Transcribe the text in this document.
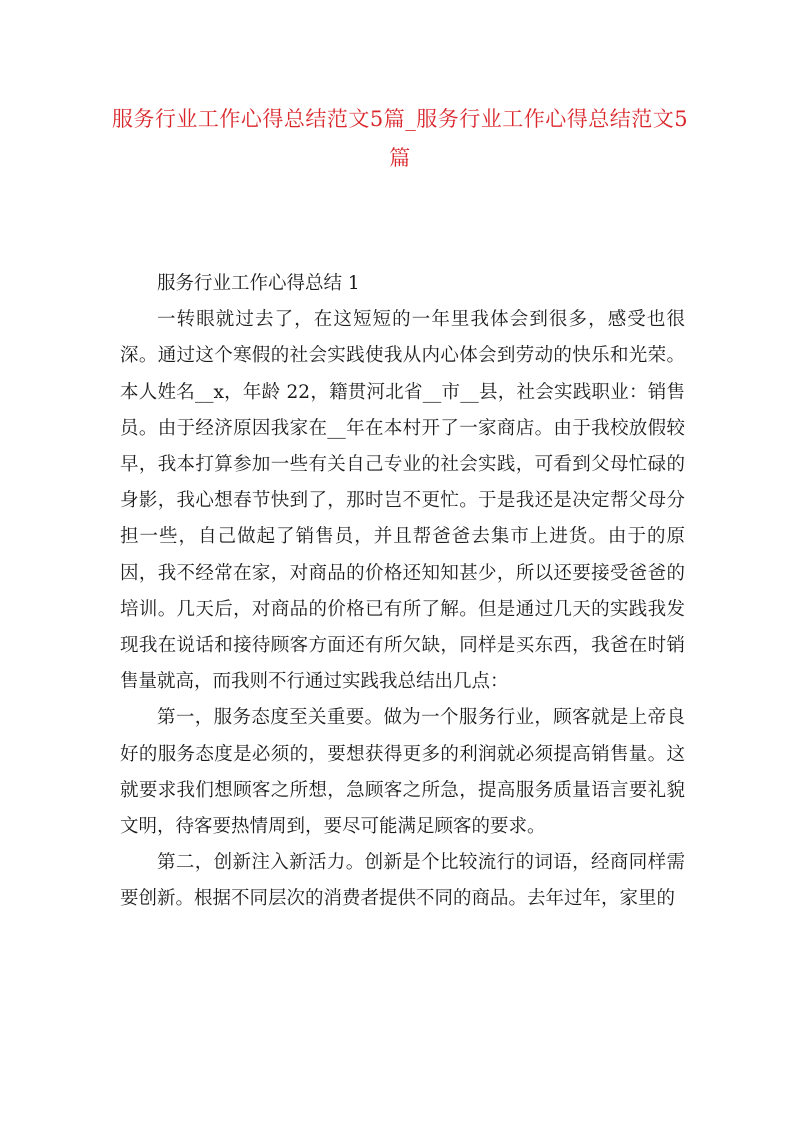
服务行业工作心得总结范文5篇_服务行业工作心得总结范文5篇

服务行业工作心得总结 1

一转眼就过去了，在这短短的一年里我体会到很多，感受也很深。通过这个寒假的社会实践使我从内心体会到劳动的快乐和光荣。本人姓名__x，年龄 22，籍贯河北省__市__县，社会实践职业：销售员。由于经济原因我家在__年在本村开了一家商店。由于我校放假较早，我本打算参加一些有关自己专业的社会实践，可看到父母忙碌的身影，我心想春节快到了，那时岂不更忙。于是我还是决定帮父母分担一些，自己做起了销售员，并且帮爸爸去集市上进货。由于的原因，我不经常在家，对商品的价格还知知甚少，所以还要接受爸爸的培训。几天后，对商品的价格已有所了解。但是通过几天的实践我发现我在说话和接待顾客方面还有所欠缺，同样是买东西，我爸在时销售量就高，而我则不行通过实践我总结出几点：

第一，服务态度至关重要。做为一个服务行业，顾客就是上帝良好的服务态度是必须的，要想获得更多的利润就必须提高销售量。这就要求我们想顾客之所想，急顾客之所急，提高服务质量语言要礼貌文明，待客要热情周到，要尽可能满足顾客的要求。

第二，创新注入新活力。创新是个比较流行的词语，经商同样需要创新。根据不同层次的消费者提供不同的商品。去年过年，家里的
